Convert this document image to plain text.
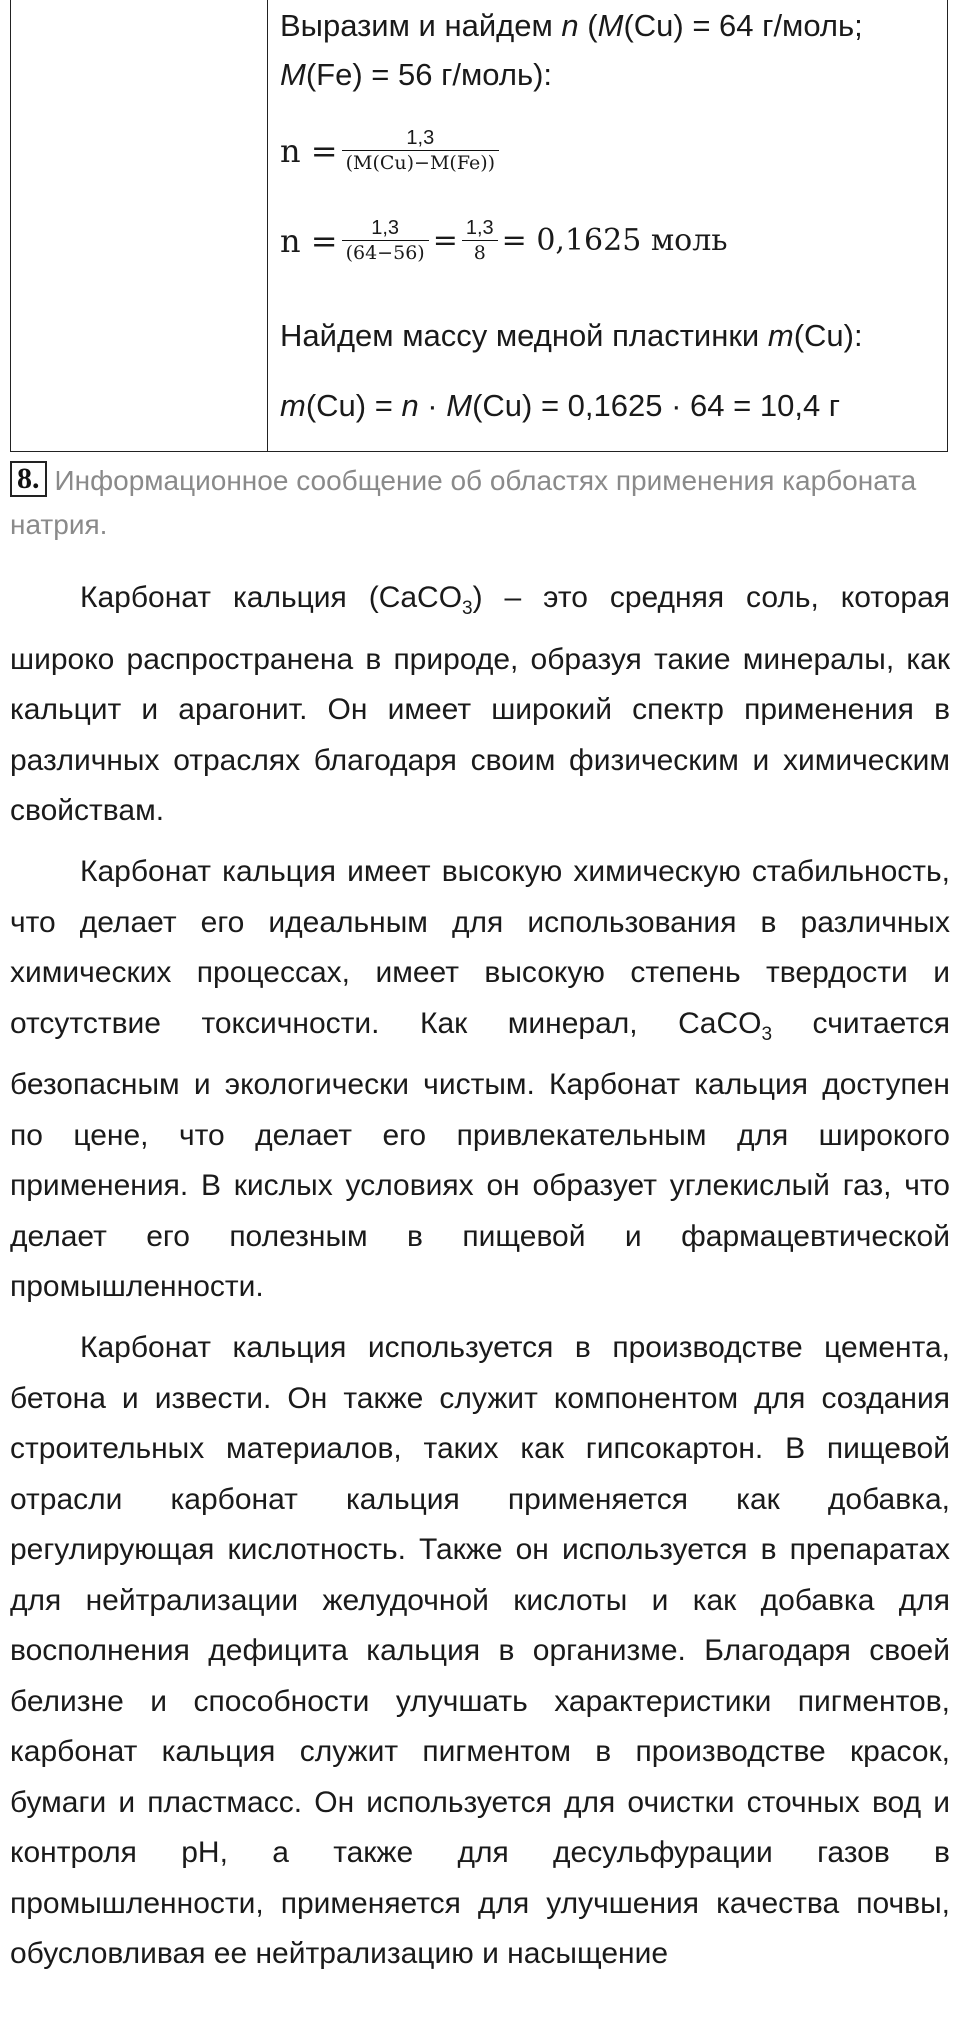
Выразим и найдем n (M(Cu) = 64 г/моль;
M(Fe) = 56 г/моль):
$n = \frac{1,3}{(M(Cu)-M(Fe))}$
$n = \frac{1,3}{(64-56)} = \frac{1,3}{8} = 0,1625$ моль
Найдем массу медной пластинки m(Cu):
m(Cu) = n · M(Cu) = 0,1625 · 64 = 10,4 г
8. Информационное сообщение об областях применения карбоната натрия.
Карбонат кальция (CaCO$_3$) – это средняя соль, которая широко распространена в природе, образуя такие минералы, как кальцит и арагонит. Он имеет широкий спектр применения в различных отраслях благодаря своим физическим и химическим свойствам.
Карбонат кальция имеет высокую химическую стабильность, что делает его идеальным для использования в различных химических процессах, имеет высокую степень твердости и отсутствие токсичности. Как минерал, CaCO$_3$ считается безопасным и экологически чистым. Карбонат кальция доступен по цене, что делает его привлекательным для широкого применения. В кислых условиях он образует углекислый газ, что делает его полезным в пищевой и фармацевтической промышленности.
Карбонат кальция используется в производстве цемента, бетона и извести. Он также служит компонентом для создания строительных материалов, таких как гипсокартон. В пищевой отрасли карбонат кальция применяется как добавка, регулирующая кислотность. Также он используется в препаратах для нейтрализации желудочной кислоты и как добавка для восполнения дефицита кальция в организме. Благодаря своей белизне и способности улучшать характеристики пигментов, карбонат кальция служит пигментом в производстве красок, бумаги и пластмасс. Он используется для очистки сточных вод и контроля pH, а также для десульфурации газов в промышленности, применяется для улучшения качества почвы, обусловливая ее нейтрализацию и насыщение
